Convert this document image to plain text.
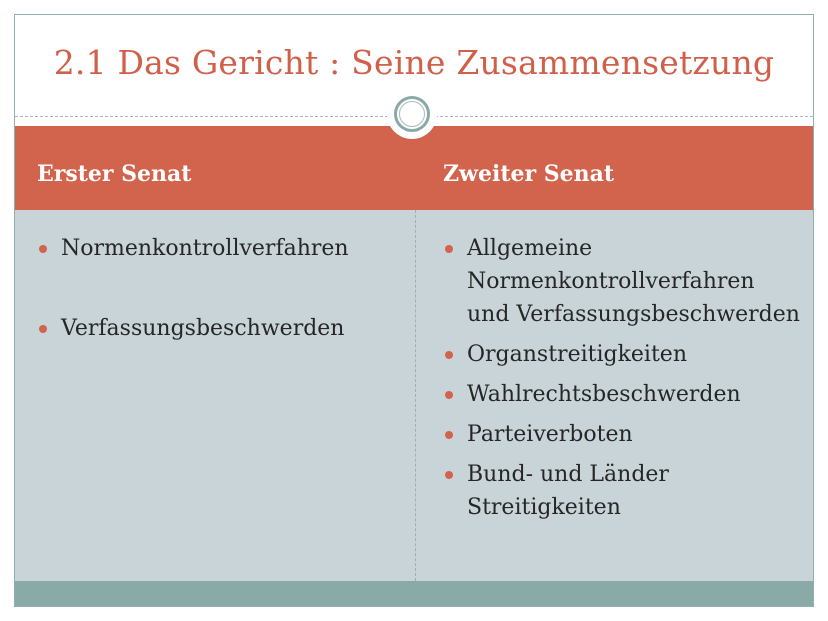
2.1 Das Gericht : Seine Zusammensetzung
Erster Senat	Zweiter Senat
Normenkontrollverfahren
Verfassungsbeschwerden
Allgemeine Normenkontrollverfahren und Verfassungsbeschwerden
Organstreitigkeiten
Wahlrechtsbeschwerden
Parteiverboten
Bund- und Länder Streitigkeiten
